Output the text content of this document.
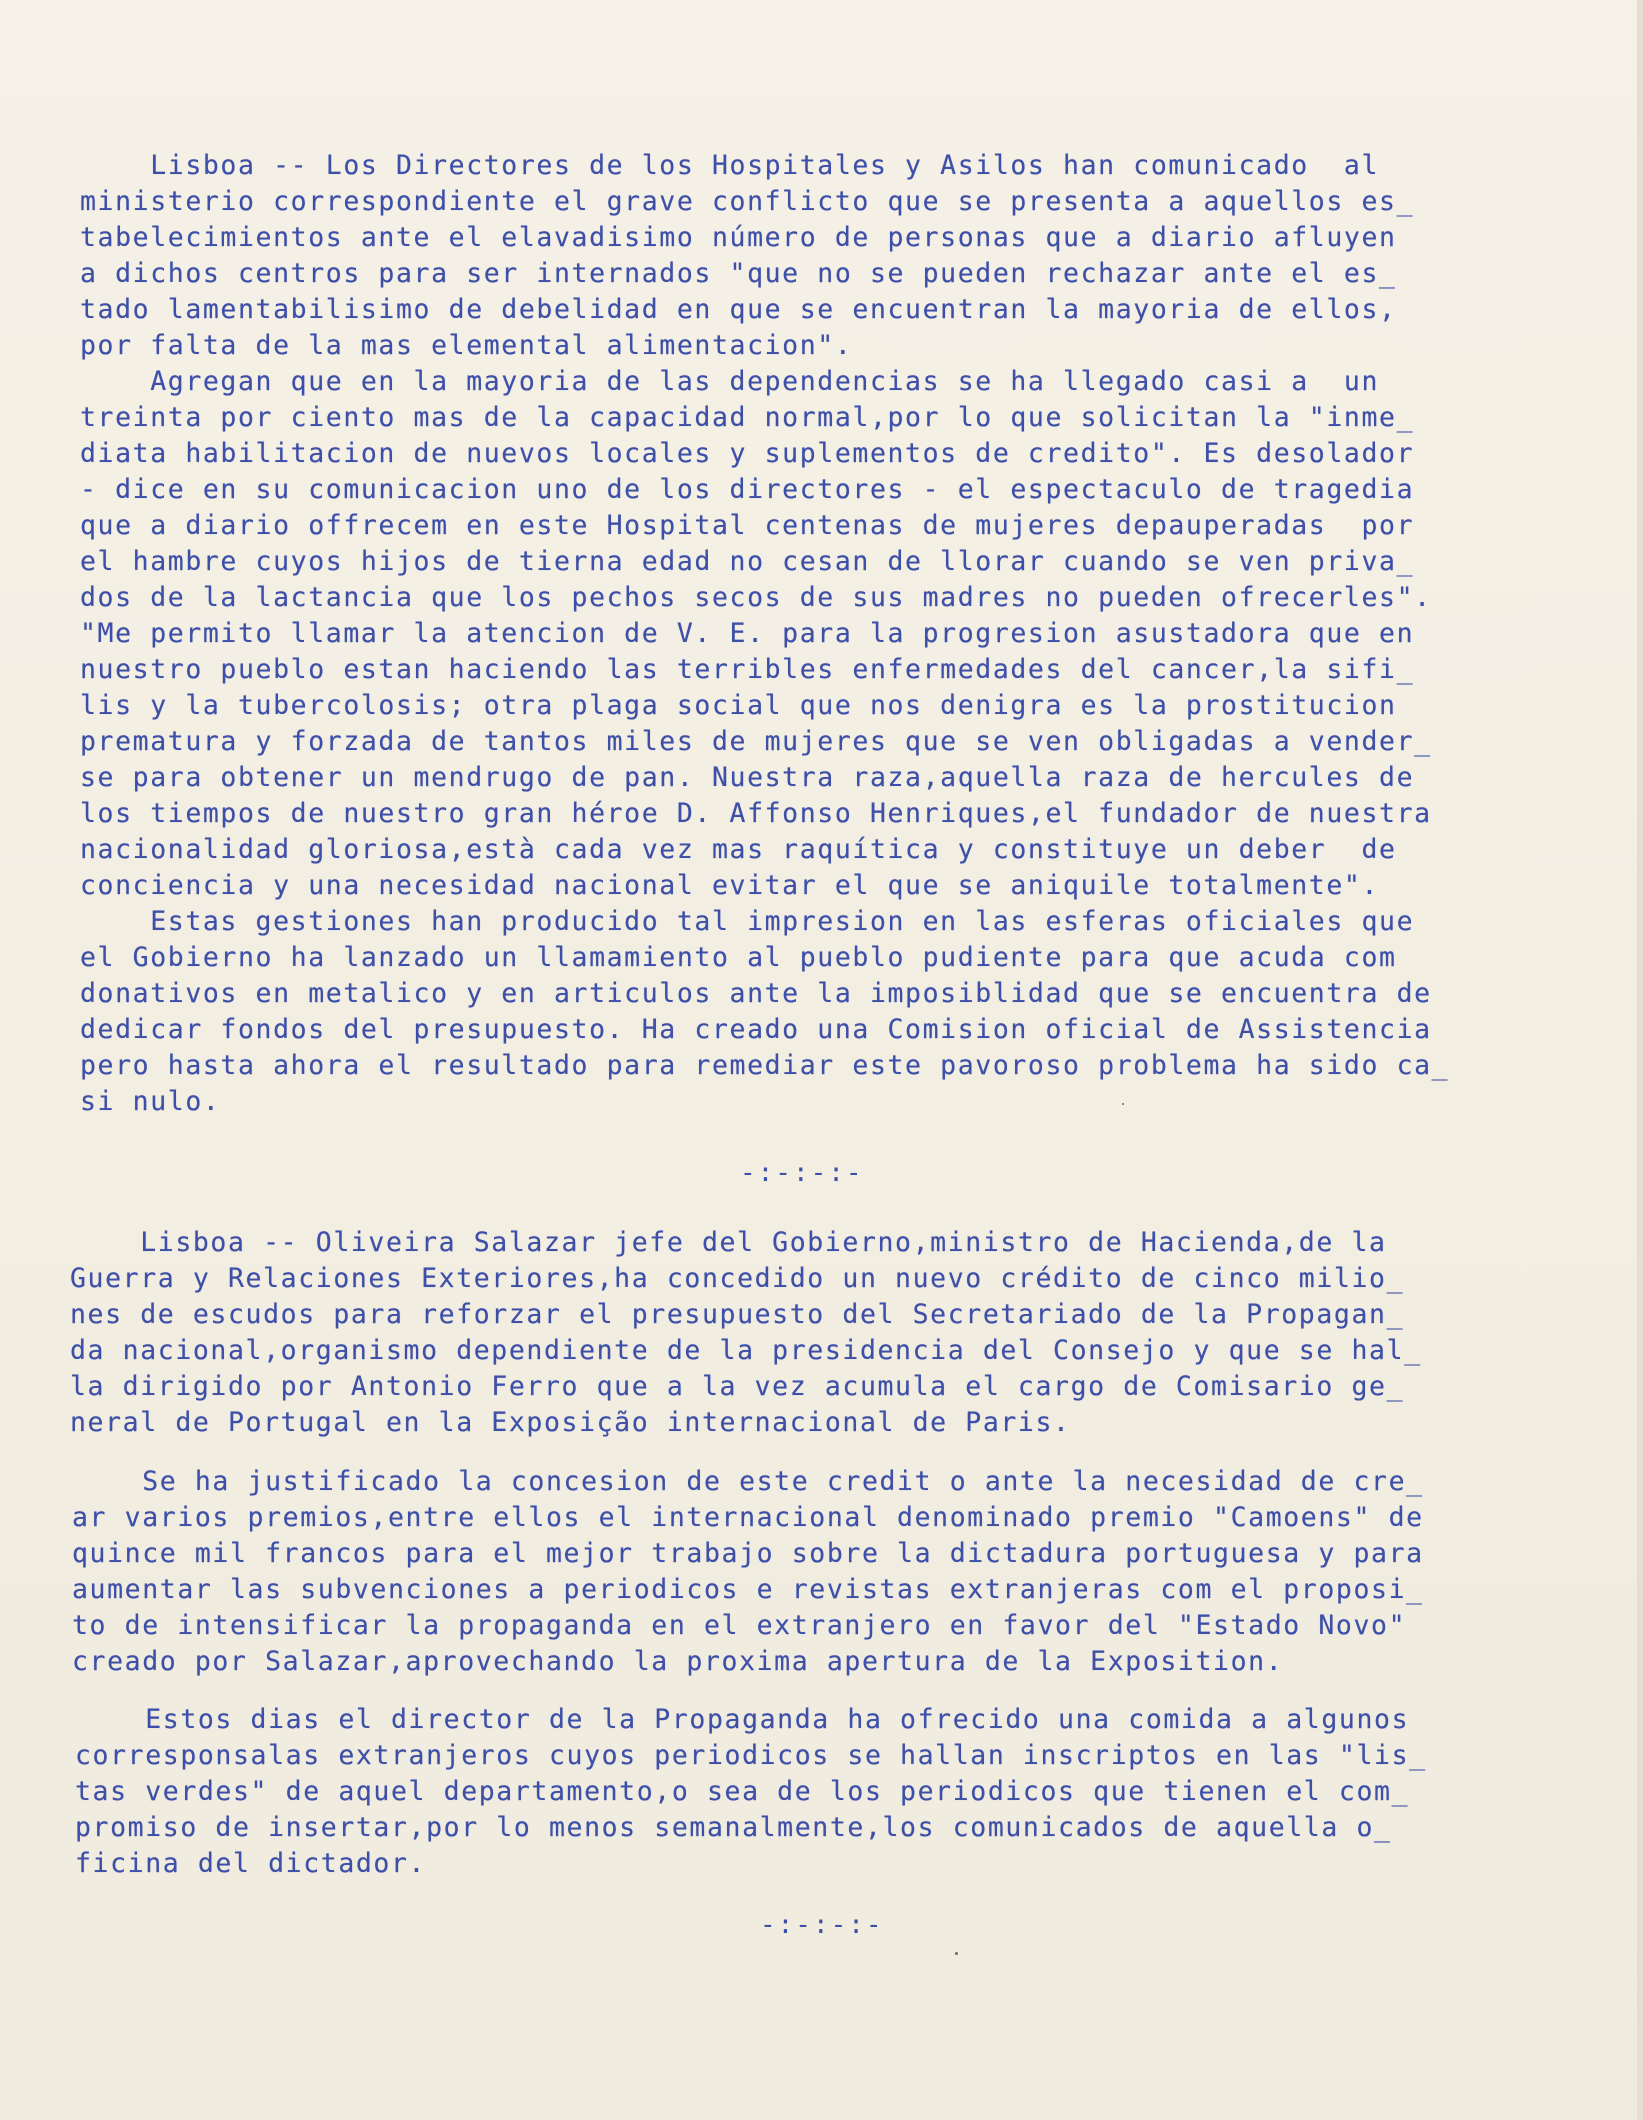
Lisboa -- Los Directores de los Hospitales y Asilos han comunicado  al
ministerio correspondiente el grave conflicto que se presenta a aquellos es_
tabelecimientos ante el elavadisimo número de personas que a diario afluyen
a dichos centros para ser internados "que no se pueden rechazar ante el es_
tado lamentabilisimo de debelidad en que se encuentran la mayoria de ellos,
por falta de la mas elemental alimentacion".
Agregan que en la mayoria de las dependencias se ha llegado casi a  un
treinta por ciento mas de la capacidad normal,por lo que solicitan la "inme_
diata habilitacion de nuevos locales y suplementos de credito". Es desolador
- dice en su comunicacion uno de los directores - el espectaculo de tragedia
que a diario offrecem en este Hospital centenas de mujeres depauperadas  por
el hambre cuyos hijos de tierna edad no cesan de llorar cuando se ven priva_
dos de la lactancia que los pechos secos de sus madres no pueden ofrecerles".
"Me permito llamar la atencion de V. E. para la progresion asustadora que en
nuestro pueblo estan haciendo las terribles enfermedades del cancer,la sifi_
lis y la tubercolosis; otra plaga social que nos denigra es la prostitucion
prematura y forzada de tantos miles de mujeres que se ven obligadas a vender_
se para obtener un mendrugo de pan. Nuestra raza,aquella raza de hercules de
los tiempos de nuestro gran héroe D. Affonso Henriques,el fundador de nuestra
nacionalidad gloriosa,està cada vez mas raquítica y constituye un deber  de
conciencia y una necesidad nacional evitar el que se aniquile totalmente".
Estas gestiones han producido tal impresion en las esferas oficiales que
el Gobierno ha lanzado un llamamiento al pueblo pudiente para que acuda com
donativos en metalico y en articulos ante la imposiblidad que se encuentra de
dedicar fondos del presupuesto. Ha creado una Comision oficial de Assistencia
pero hasta ahora el resultado para remediar este pavoroso problema ha sido ca_
si nulo.
-:-:-:-
Lisboa -- Oliveira Salazar jefe del Gobierno,ministro de Hacienda,de la
Guerra y Relaciones Exteriores,ha concedido un nuevo crédito de cinco milio_
nes de escudos para reforzar el presupuesto del Secretariado de la Propagan_
da nacional,organismo dependiente de la presidencia del Consejo y que se hal_
la dirigido por Antonio Ferro que a la vez acumula el cargo de Comisario ge_
neral de Portugal en la Exposição internacional de Paris.
Se ha justificado la concesion de este credit o ante la necesidad de cre_
ar varios premios,entre ellos el internacional denominado premio "Camoens" de
quince mil francos para el mejor trabajo sobre la dictadura portuguesa y para
aumentar las subvenciones a periodicos e revistas extranjeras com el proposi_
to de intensificar la propaganda en el extranjero en favor del "Estado Novo"
creado por Salazar,aprovechando la proxima apertura de la Exposition.
Estos dias el director de la Propaganda ha ofrecido una comida a algunos
corresponsalas extranjeros cuyos periodicos se hallan inscriptos en las "lis_
tas verdes" de aquel departamento,o sea de los periodicos que tienen el com_
promiso de insertar,por lo menos semanalmente,los comunicados de aquella o_
ficina del dictador.
-:-:-:-
